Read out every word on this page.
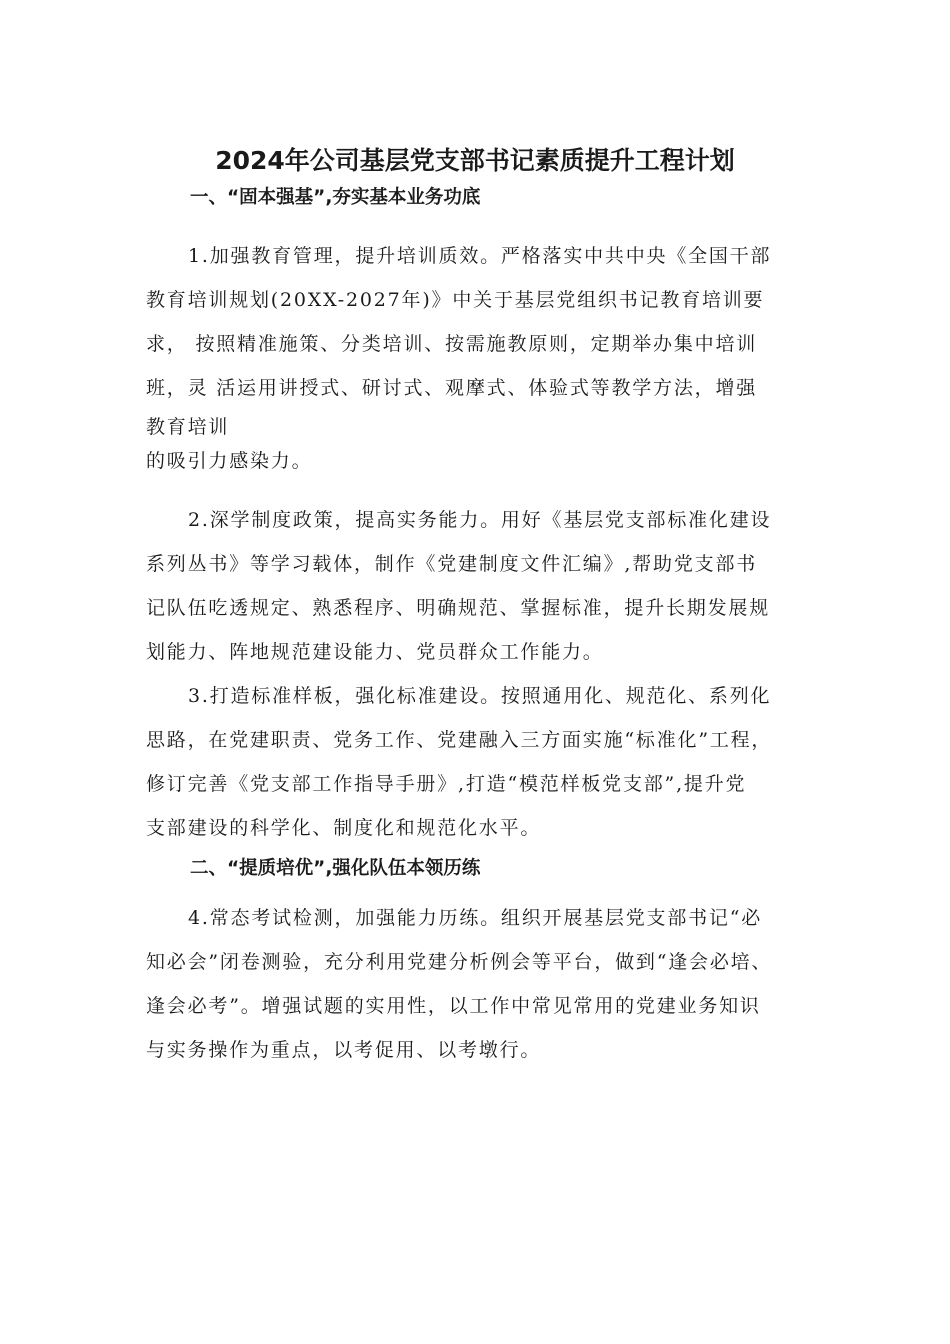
2024年公司基层党支部书记素质提升工程计划
一、“固本强基”,夯实基本业务功底

1.加强教育管理，提升培训质效。严格落实中共中央《全国干部
教育培训规划(20XX-2027年)》中关于基层党组织书记教育培训要
求， 按照精准施策、分类培训、按需施教原则，定期举办集中培训
班，灵 活运用讲授式、研讨式、观摩式、体验式等教学方法，增强
教育培训
的吸引力感染力。

2.深学制度政策，提高实务能力。用好《基层党支部标准化建设
系列丛书》等学习载体，制作《党建制度文件汇编》,帮助党支部书
记队伍吃透规定、熟悉程序、明确规范、掌握标准，提升长期发展规
划能力、阵地规范建设能力、党员群众工作能力。

3.打造标准样板，强化标准建设。按照通用化、规范化、系列化
思路，在党建职责、党务工作、党建融入三方面实施“标准化”工程，
修订完善《党支部工作指导手册》,打造“模范样板党支部”,提升党
支部建设的科学化、制度化和规范化水平。

二、“提质培优”,强化队伍本领历练

4.常态考试检测，加强能力历练。组织开展基层党支部书记“必
知必会”闭卷测验，充分利用党建分析例会等平台，做到“逢会必培、
逢会必考”。增强试题的实用性，以工作中常见常用的党建业务知识
与实务操作为重点，以考促用、以考墩行。
